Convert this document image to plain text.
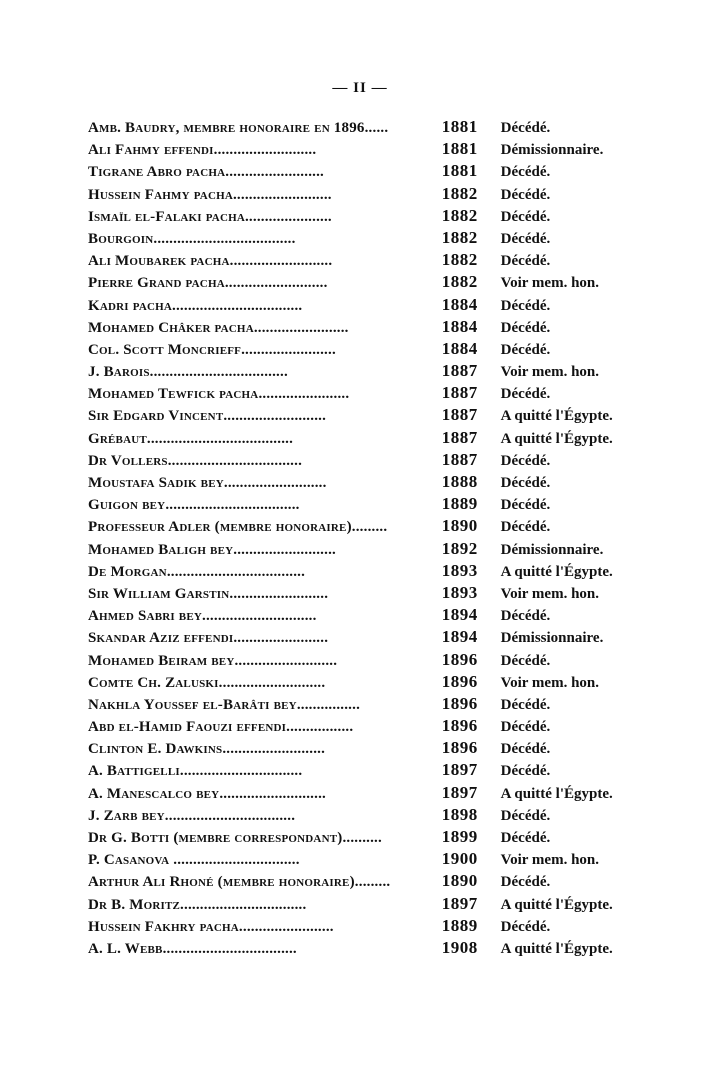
— II —
Amb. Baudry, membre honoraire en 1896......	1881	Décédé.
Ali Fahmy effendi..........................	1881	Démissionnaire.
Tigrane Abro pacha.........................	1881	Décédé.
Hussein Fahmy pacha.........................	1882	Décédé.
Ismaïl el-Falaki pacha......................	1882	Décédé.
Bourgoin....................................	1882	Décédé.
Ali Moubarek pacha..........................	1882	Décédé.
Pierre Grand pacha..........................	1882	Voir mem. hon.
Kadri pacha.................................	1884	Décédé.
Mohamed Châker pacha........................	1884	Décédé.
Col. Scott Moncrieff........................	1884	Décédé.
J. Barois...................................	1887	Voir mem. hon.
Mohamed Tewfick pacha.......................	1887	Décédé.
Sir Edgard Vincent..........................	1887	A quitté l'Égypte.
Grébaut.....................................	1887	A quitté l'Égypte.
Dr Vollers..................................	1887	Décédé.
Moustafa Sadik bey..........................	1888	Décédé.
Guigon bey..................................	1889	Décédé.
Professeur Adler (membre honoraire).........	1890	Décédé.
Mohamed Baligh bey..........................	1892	Démissionnaire.
De Morgan...................................	1893	A quitté l'Égypte.
Sir William Garstin.........................	1893	Voir mem. hon.
Ahmed Sabri bey.............................	1894	Décédé.
Skandar Aziz effendi........................	1894	Démissionnaire.
Mohamed Beiram bey..........................	1896	Décédé.
Comte Ch. Zaluski...........................	1896	Voir mem. hon.
Nakhla Youssef el-Barâti bey................	1896	Décédé.
Abd el-Hamid Faouzi effendi.................	1896	Décédé.
Clinton E. Dawkins..........................	1896	Décédé.
A. Battigelli...............................	1897	Décédé.
A. Manescalco bey...........................	1897	A quitté l'Égypte.
J. Zarb bey.................................	1898	Décédé.
Dr G. Botti (membre correspondant)..........	1899	Décédé.
P. Casanova ................................	1900	Voir mem. hon.
Arthur Ali Rhoné (membre honoraire).........	1890	Décédé.
Dr B. Moritz................................	1897	A quitté l'Égypte.
Hussein Fakhry pacha........................	1889	Décédé.
A. L. Webb..................................	1908	A quitté l'Égypte.
